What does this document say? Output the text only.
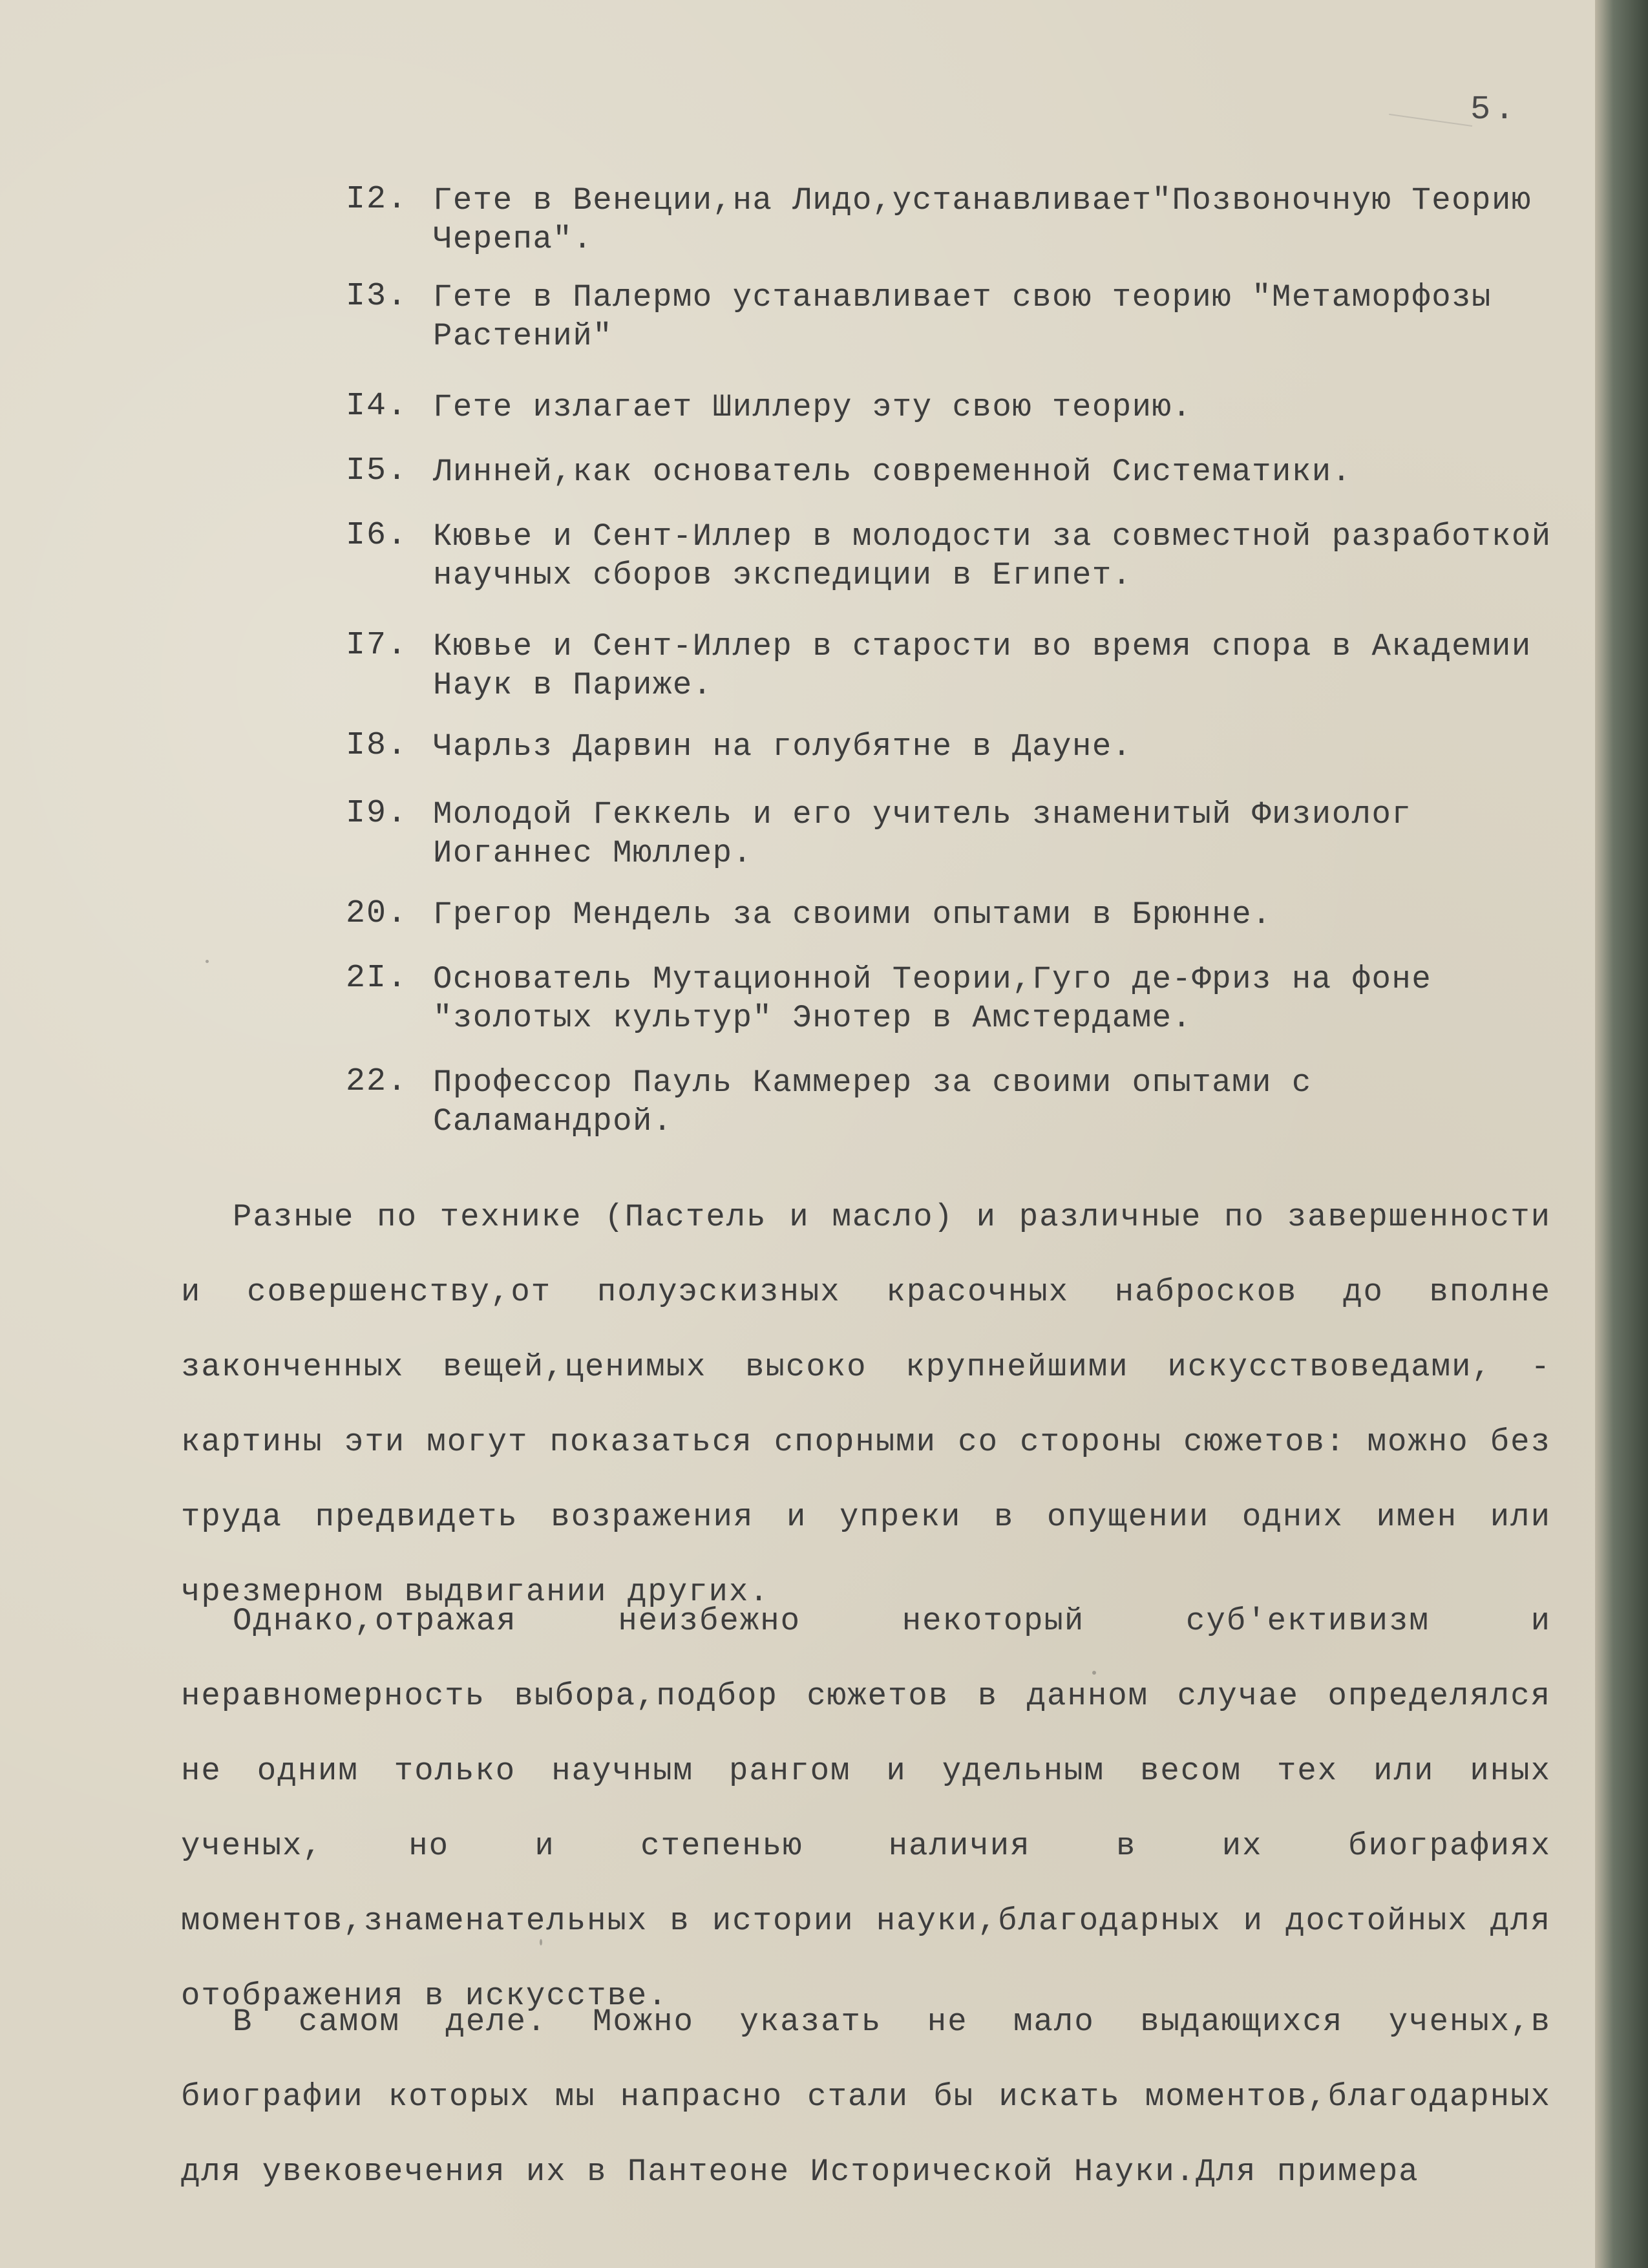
5.
I2. Гете в Венеции,на Лидо,устанавливает"Позвоночную Теорию Черепа".
I3. Гете в Палермо устанавливает свою теорию "Метаморфозы Растений"
I4. Гете излагает Шиллеру эту свою теорию.
I5. Линней,как основатель современной Систематики.
I6. Кювье и Сент-Иллер в молодости за совместной разработкой научных сборов экспедиции в Египет.
I7. Кювье и Сент-Иллер в старости во время спора в Академии Наук в Париже.
I8. Чарльз Дарвин на голубятне в Дауне.
I9. Молодой Геккель и его учитель знаменитый Физиолог Иоганнес Мюллер.
20. Грегор Мендель за своими опытами в Брюнне.
2I. Основатель Мутационной Теории,Гуго де-Фриз на фоне "золотых культур" Энотер в Амстердаме.
22. Профессор Пауль Каммерер за своими опытами с Саламандрой.
Разные по технике (Пастель и масло) и различные по завершенности и совершенству,от полуэскизных красочных набросков до вполне законченных вещей,ценимых высоко крупнейшими искусствоведами, - картины эти могут показаться спорными со стороны сюжетов: можно без труда предвидеть возражения и упреки в опущении одних имен или чрезмерном выдвигании других.
Однако,отражая неизбежно некоторый суб'ективизм и неравномерность выбора,подбор сюжетов в данном случае определялся не одним только научным рангом и удельным весом тех или иных ученых, но и степенью наличия в их биографиях моментов,знаменательных в истории науки,благодарных и достойных для отображения в искусстве.
В самом деле. Можно указать не мало выдающихся ученых,в биографии которых мы напрасно стали бы искать моментов,благодарных для увековечения их в Пантеоне Исторической Науки.Для примера
